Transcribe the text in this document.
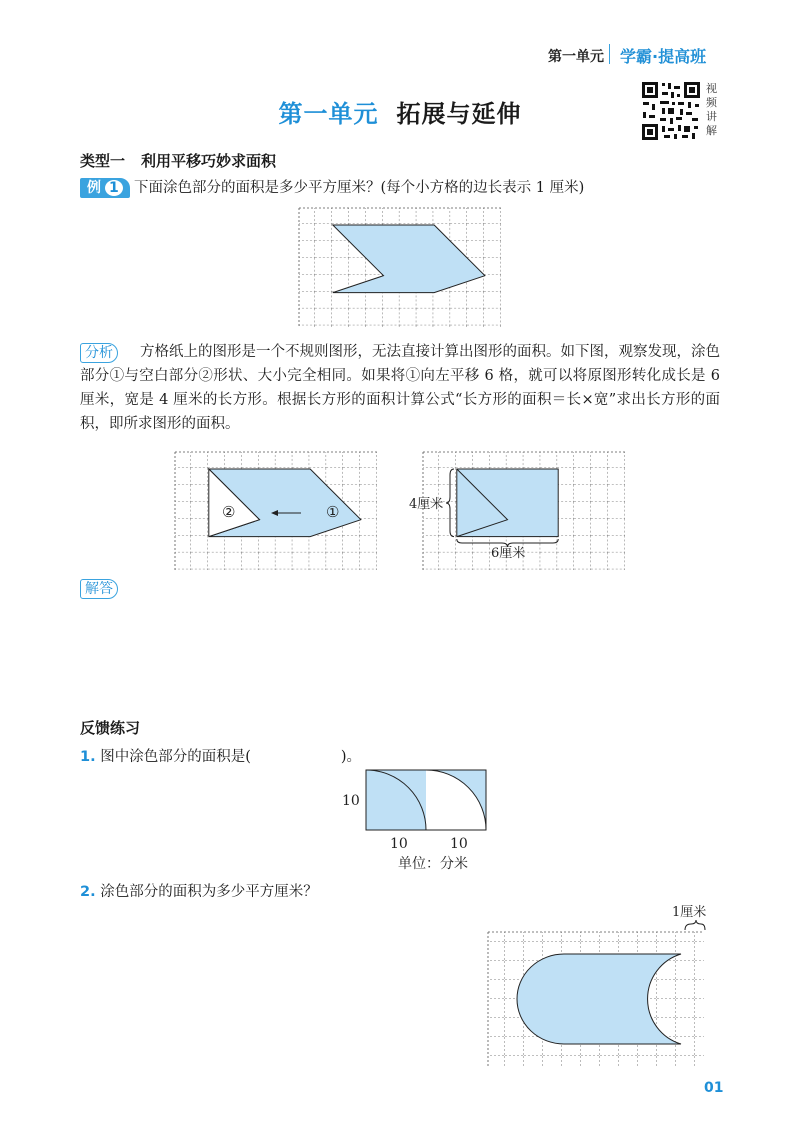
第一单元 学霸·提高班
第一单元 拓展与延伸
视频讲解
类型一 利用平移巧妙求面积
例 1	下面涂色部分的面积是多少平方厘米？(每个小方格的边长表示 1 厘米)
分析	方格纸上的图形是一个不规则图形，无法直接计算出图形的面积。如下图，观察发现，涂色部分①与空白部分②形状、大小完全相同。如果将①向左平移 6 格，就可以将原图形转化成长是 6 厘米，宽是 4 厘米的长方形。根据长方形的面积计算公式“长方形的面积＝长×宽”求出长方形的面积，即所求图形的面积。

②	①	4厘米
6厘米
解答
反馈练习
1. 图中涂色部分的面积是(	)。
10
10	10
单位：分米
2. 涂色部分的面积为多少平方厘米？
1厘米
01
